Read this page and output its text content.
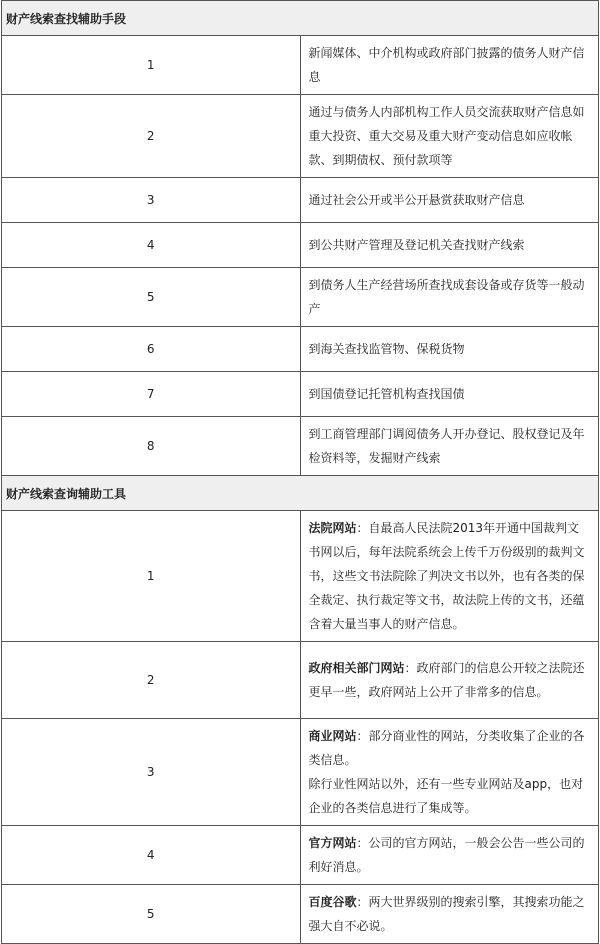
财产线索查找辅助手段	
1	新闻媒体、中介机构或政府部门披露的债务人财产信息
2	通过与债务人内部机构工作人员交流获取财产信息如重大投资、重大交易及重大财产变动信息如应收帐款、到期债权、预付款项等
3	通过社会公开或半公开悬赏获取财产信息
4	到公共财产管理及登记机关查找财产线索
5	到债务人生产经营场所查找成套设备或存货等一般动产
6	到海关查找监管物、保税货物
7	到国债登记托管机构查找国债
8	到工商管理部门调阅债务人开办登记、股权登记及年检资料等，发掘财产线索
财产线索查询辅助工具	
1	法院网站：自最高人民法院2013年开通中国裁判文书网以后，每年法院系统会上传千万份级别的裁判文书，这些文书法院除了判决文书以外，也有各类的保全裁定、执行裁定等文书，故法院上传的文书，还蕴含着大量当事人的财产信息。
2	政府相关部门网站：政府部门的信息公开较之法院还更早一些，政府网站上公开了非常多的信息。
3	商业网站：部分商业性的网站，分类收集了企业的各类信息。
除行业性网站以外，还有一些专业网站及app，也对企业的各类信息进行了集成等。

4	官方网站：公司的官方网站，一般会公告一些公司的利好消息。
5	百度谷歌：两大世界级别的搜索引擎，其搜索功能之强大自不必说。
